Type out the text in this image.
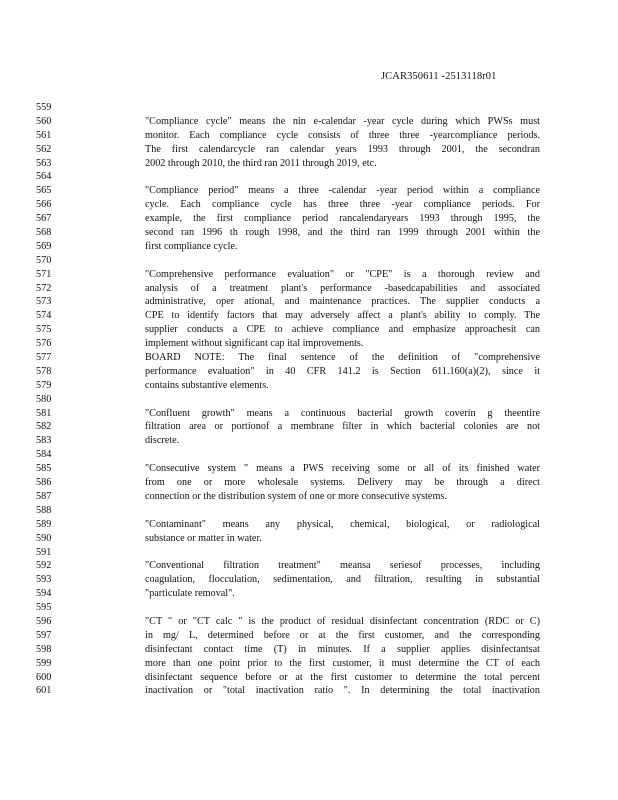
JCAR350611 -2513118r01
559
560	"Compliance cycle" means the nin e-calendar -year cycle during which PWSs must
561	monitor. Each compliance cycle consists of three three -yearcompliance periods.
562	The first calendarcycle ran calendar years 1993 through 2001, the secondran
563	2002 through 2010, the third ran 2011 through 2019, etc.
564
565	"Compliance period" means a three -calendar -year period within a compliance
566	cycle. Each compliance cycle has three three -year compliance periods. For
567	example, the first compliance period rancalendaryears 1993 through 1995, the
568	second ran 1996 th rough 1998, and the third ran 1999 through 2001 within the
569	first compliance cycle.
570
571	"Comprehensive performance evaluation" or "CPE" is a thorough review and
572	analysis of a treatment plant's performance -basedcapabilities and associated
573	administrative, oper ational, and maintenance practices. The supplier conducts a
574	CPE to identify factors that may adversely affect a plant's ability to comply. The
575	supplier conducts a CPE to achieve compliance and emphasize approachesit can
576	implement without significant cap ital improvements.
577	BOARD NOTE: The final sentence of the definition of "comprehensive
578	performance evaluation" in 40 CFR 141.2 is Section 611.160(a)(2), since it
579	contains substantive elements.
580
581	"Confluent growth" means a continuous bacterial growth coverin g theentire
582	filtration area or portionof a membrane filter in which bacterial colonies are not
583	discrete.
584
585	"Consecutive system " means a PWS receiving some or all of its finished water
586	from one or more wholesale systems. Delivery may be through a direct
587	connection or the distribution system of one or more consecutive systems.
588
589	"Contaminant" means any physical, chemical, biological, or radiological
590	substance or matter in water.
591
592	"Conventional filtration treatment" meansa seriesof processes, including
593	coagulation, flocculation, sedimentation, and filtration, resulting in substantial
594	"particulate removal".
595
596	"CT " or "CT calc " is the product of residual disinfectant concentration (RDC or C)
597	in mg/ L, determined before or at the first customer, and the corresponding
598	disinfectant contact time (T) in minutes. If a supplier applies disinfectantsat
599	more than one point prior to the first customer, it must determine the CT of each
600	disinfectant sequence before or at the first customer to determine the total percent
601	inactivation or "total inactivation ratio ". In determining the total inactivation
